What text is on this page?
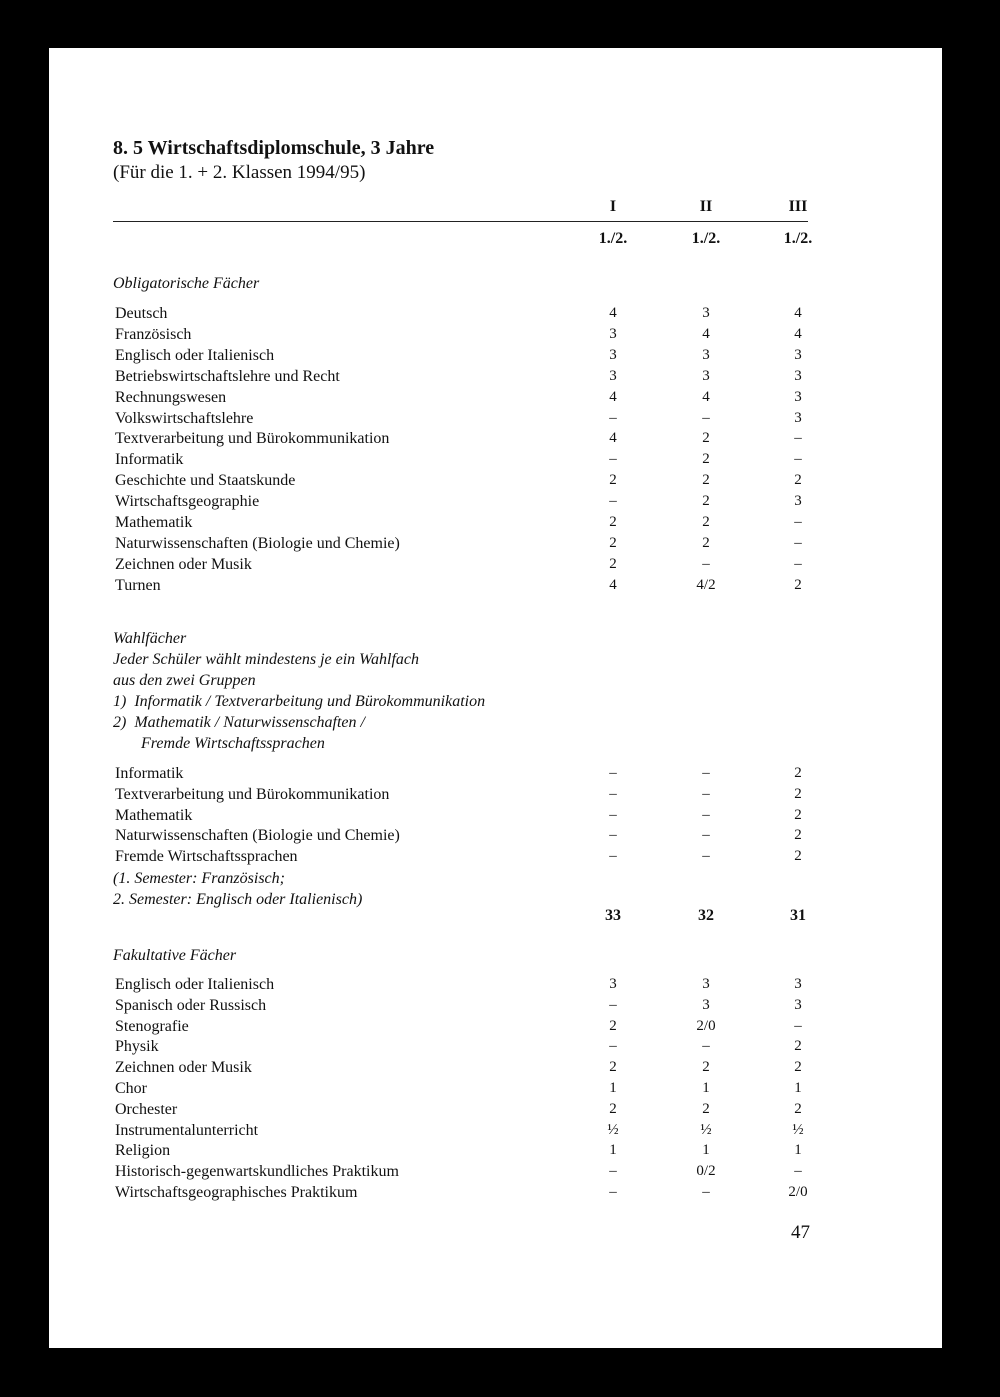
8. 5 Wirtschaftsdiplomschule, 3 Jahre
(Für die 1. + 2. Klassen 1994/95)
I	II	III
1./2.	1./2.	1./2.
Obligatorische Fächer
Wahlfächer
Jeder Schüler wählt mindestens je ein Wahlfach
aus den zwei Gruppen
1)  Informatik / Textverarbeitung und Bürokommunikation
2)  Mathematik / Naturwissenschaften /
Fremde Wirtschaftssprachen
(1. Semester: Französisch;
2. Semester: Englisch oder Italienisch)
33	32	31
Fakultative Fächer
47
Deutsch	4	3	4
Französisch	3	4	4
Englisch oder Italienisch	3	3	3
Betriebswirtschaftslehre und Recht	3	3	3
Rechnungswesen	4	4	3
Volkswirtschaftslehre	–	–	3
Textverarbeitung und Bürokommunikation	4	2	–
Informatik	–	2	–
Geschichte und Staatskunde	2	2	2
Wirtschaftsgeographie	–	2	3
Mathematik	2	2	–
Naturwissenschaften (Biologie und Chemie)	2	2	–
Zeichnen oder Musik	2	–	–
Turnen	4	4/2	2
Informatik	–	–	2
Textverarbeitung und Bürokommunikation	–	–	2
Mathematik	–	–	2
Naturwissenschaften (Biologie und Chemie)	–	–	2
Fremde Wirtschaftssprachen	–	–	2
Englisch oder Italienisch	3	3	3
Spanisch oder Russisch	–	3	3
Stenografie	2	2/0	–
Physik	–	–	2
Zeichnen oder Musik	2	2	2
Chor	1	1	1
Orchester	2	2	2
Instrumentalunterricht	½	½	½
Religion	1	1	1
Historisch-gegenwartskundliches Praktikum	–	0/2	–
Wirtschaftsgeographisches Praktikum	–	–	2/0
